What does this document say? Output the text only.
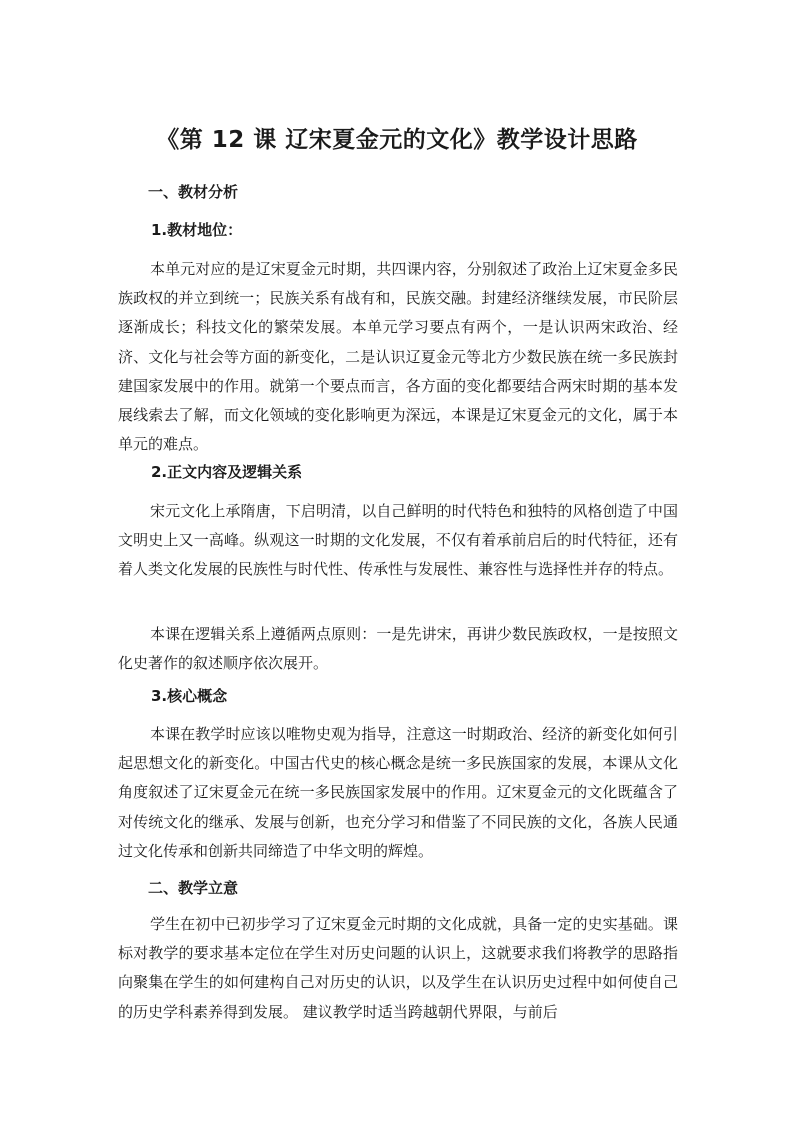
《第 12 课 辽宋夏金元的文化》教学设计思路
一、教材分析
1.教材地位：

本单元对应的是辽宋夏金元时期，共四课内容，分别叙述了政治上辽宋夏金多民族政权的并立到统一；民族关系有战有和，民族交融。封建经济继续发展，市民阶层逐渐成长；科技文化的繁荣发展。本单元学习要点有两个，一是认识两宋政治、经济、文化与社会等方面的新变化，二是认识辽夏金元等北方少数民族在统一多民族封建国家发展中的作用。就第一个要点而言，各方面的变化都要结合两宋时期的基本发展线索去了解，而文化领域的变化影响更为深远，本课是辽宋夏金元的文化，属于本单元的难点。

2.正文内容及逻辑关系

宋元文化上承隋唐，下启明清，以自己鲜明的时代特色和独特的风格创造了中国文明史上又一高峰。纵观这一时期的文化发展，不仅有着承前启后的时代特征，还有着人类文化发展的民族性与时代性、传承性与发展性、兼容性与选择性并存的特点。

本课在逻辑关系上遵循两点原则：一是先讲宋，再讲少数民族政权，一是按照文化史著作的叙述顺序依次展开。

3.核心概念

本课在教学时应该以唯物史观为指导，注意这一时期政治、经济的新变化如何引起思想文化的新变化。中国古代史的核心概念是统一多民族国家的发展，本课从文化角度叙述了辽宋夏金元在统一多民族国家发展中的作用。辽宋夏金元的文化既蕴含了对传统文化的继承、发展与创新，也充分学习和借鉴了不同民族的文化，各族人民通过文化传承和创新共同缔造了中华文明的辉煌。

二、教学立意

学生在初中已初步学习了辽宋夏金元时期的文化成就，具备一定的史实基础。课标对教学的要求基本定位在学生对历史问题的认识上，这就要求我们将教学的思路指向聚集在学生的如何建构自己对历史的认识，以及学生在认识历史过程中如何使自己的历史学科素养得到发展。 建议教学时适当跨越朝代界限，与前后
